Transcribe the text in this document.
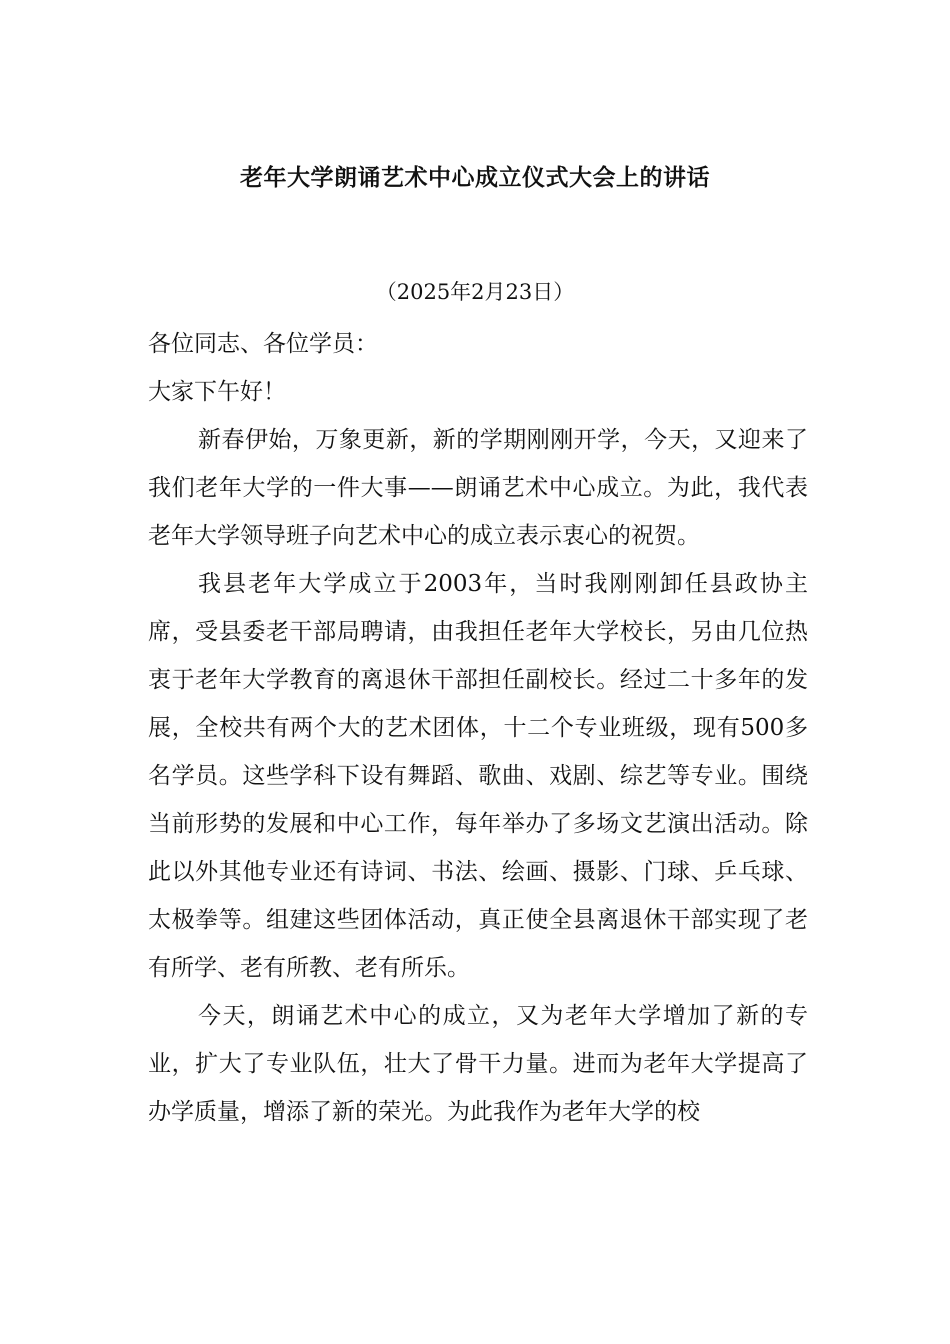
老年大学朗诵艺术中心成立仪式大会上的讲话
（2025年2月23日）

各位同志、各位学员：

大家下午好！

新春伊始，万象更新，新的学期刚刚开学，今天，又迎来了我们老年大学的一件大事——朗诵艺术中心成立。为此，我代表老年大学领导班子向艺术中心的成立表示衷心的祝贺。

我县老年大学成立于2003年，当时我刚刚卸任县政协主席，受县委老干部局聘请，由我担任老年大学校长，另由几位热衷于老年大学教育的离退休干部担任副校长。经过二十多年的发展，全校共有两个大的艺术团体，十二个专业班级，现有500多名学员。这些学科下设有舞蹈、歌曲、戏剧、综艺等专业。围绕当前形势的发展和中心工作，每年举办了多场文艺演出活动。除此以外其他专业还有诗词、书法、绘画、摄影、门球、乒乓球、太极拳等。组建这些团体活动，真正使全县离退休干部实现了老有所学、老有所教、老有所乐。

今天，朗诵艺术中心的成立，又为老年大学增加了新的专业，扩大了专业队伍，壮大了骨干力量。进而为老年大学提高了办学质量，增添了新的荣光。为此我作为老年大学的校
